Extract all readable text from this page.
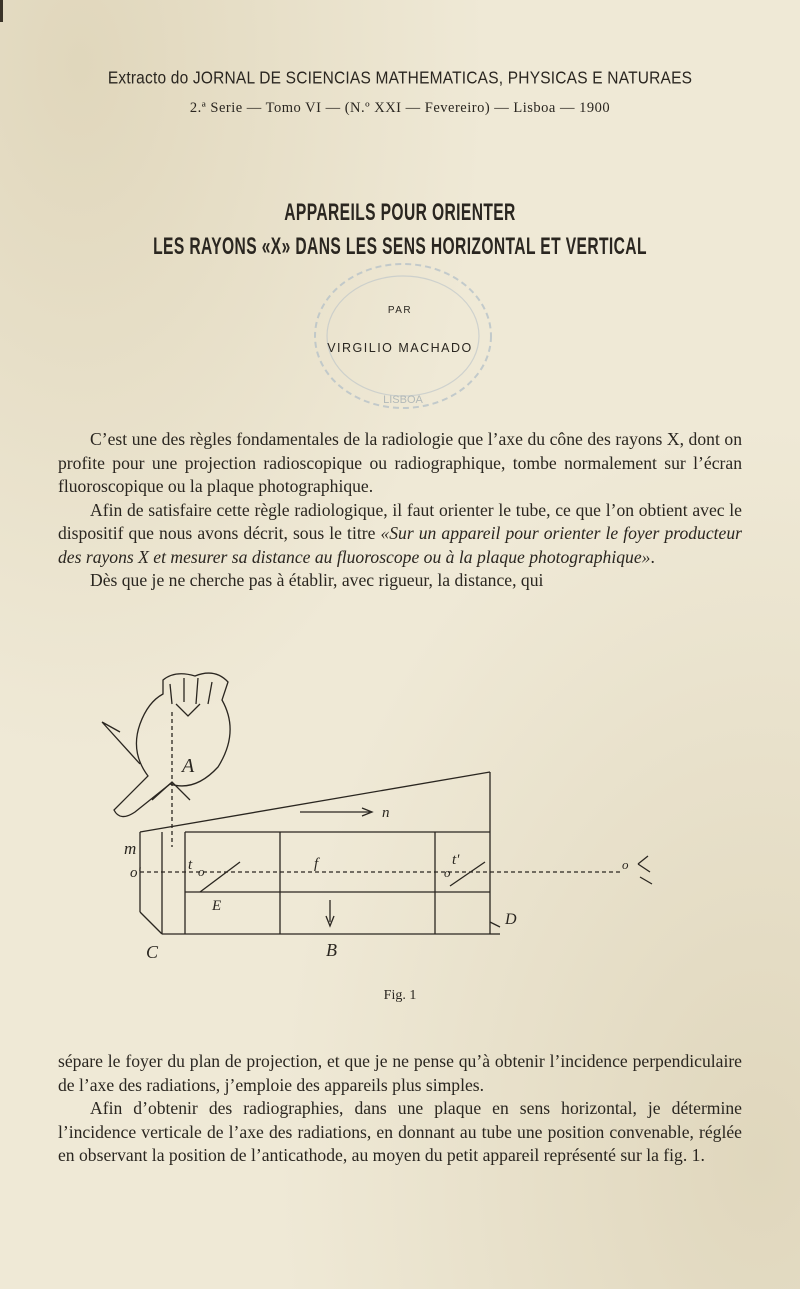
Extracto do JORNAL DE SCIENCIAS MATHEMATICAS, PHYSICAS E NATURAES
2.ª Serie — Tomo VI — (N.º XXI — Fevereiro) — Lisboa — 1900
APPAREILS POUR ORIENTER
LES RAYONS «X» DANS LES SENS HORIZONTAL ET VERTICAL
LISBOA
PAR
VIRGILIO MACHADO

C’est une des règles fondamentales de la radiologie que l’axe du cône des rayons X, dont on profite pour une projection radioscopique ou radiographique, tombe normalement sur l’écran fluoroscopique ou la plaque photographique.

Afin de satisfaire cette règle radiologique, il faut orienter le tube, ce que l’on obtient avec le dispositif que nous avons décrit, sous le titre «Sur un appareil pour orienter le foyer producteur des rayons X et mesurer sa distance au fluoroscope ou à la plaque photographique».

Dès que je ne cherche pas à établir, avec rigueur, la distance, qui

A
m
o'	t o
E
f
n
t'
o
D
C	B
o
Fig. 1

sépare le foyer du plan de projection, et que je ne pense qu’à obtenir l’incidence perpendiculaire de l’axe des radiations, j’emploie des appareils plus simples.

Afin d’obtenir des radiographies, dans une plaque en sens horizontal, je détermine l’incidence verticale de l’axe des radiations, en donnant au tube une position convenable, réglée en observant la position de l’anticathode, au moyen du petit appareil représenté sur la fig. 1.
